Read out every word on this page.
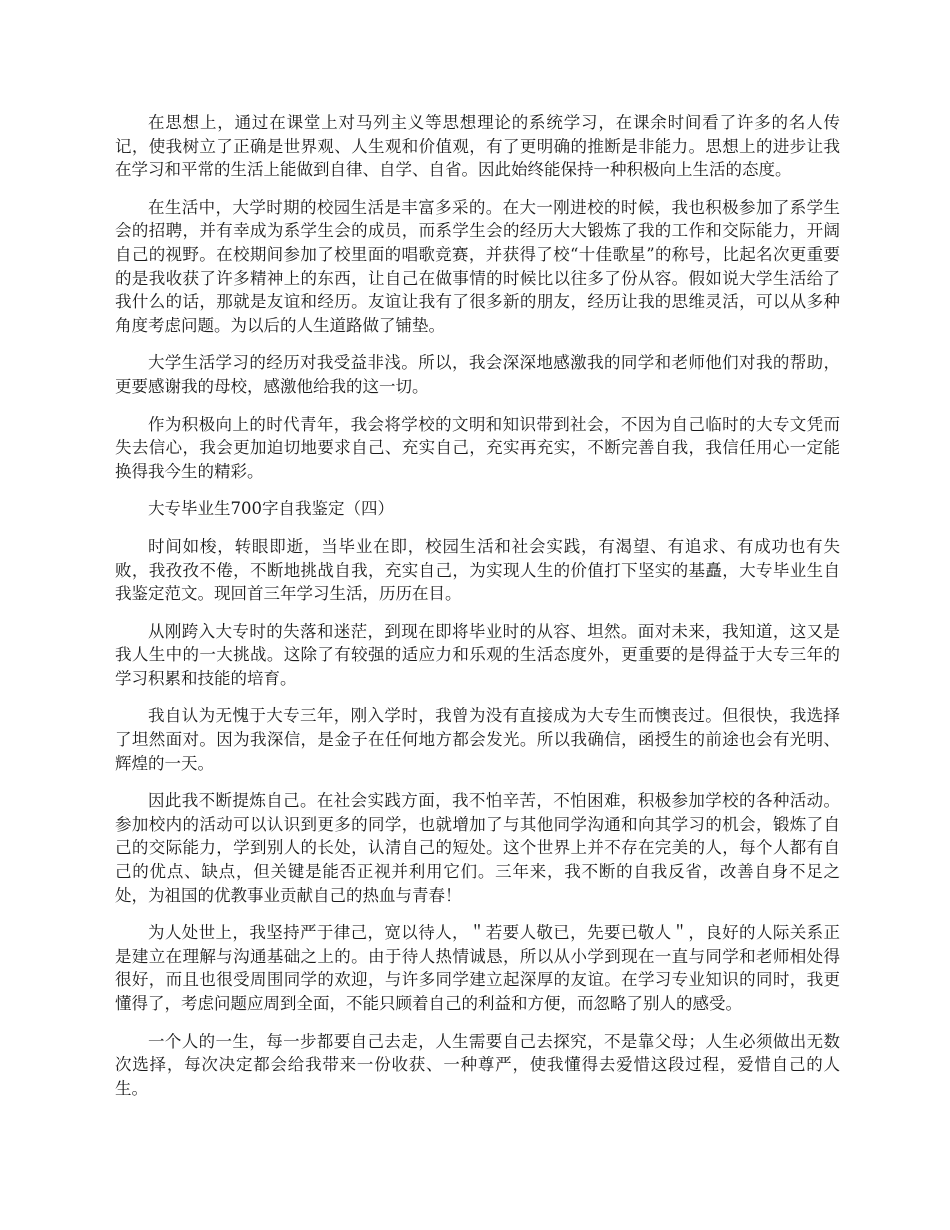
在思想上，通过在课堂上对马列主义等思想理论的系统学习，在课余时间看了许多的名人传记，使我树立了正确是世界观、人生观和价值观，有了更明确的推断是非能力。思想上的进步让我在学习和平常的生活上能做到自律、自学、自省。因此始终能保持一种积极向上生活的态度。

在生活中，大学时期的校园生活是丰富多采的。在大一刚进校的时候，我也积极参加了系学生会的招聘，并有幸成为系学生会的成员，而系学生会的经历大大锻炼了我的工作和交际能力，开阔自己的视野。在校期间参加了校里面的唱歌竞赛，并获得了校“十佳歌星”的称号，比起名次更重要的是我收获了许多精神上的东西，让自己在做事情的时候比以往多了份从容。假如说大学生活给了我什么的话，那就是友谊和经历。友谊让我有了很多新的朋友，经历让我的思维灵活，可以从多种角度考虑问题。为以后的人生道路做了铺垫。

大学生活学习的经历对我受益非浅。所以，我会深深地感激我的同学和老师他们对我的帮助，更要感谢我的母校，感激他给我的这一切。

作为积极向上的时代青年，我会将学校的文明和知识带到社会，不因为自己临时的大专文凭而失去信心，我会更加迫切地要求自己、充实自己，充实再充实，不断完善自我，我信任用心一定能换得我今生的精彩。

大专毕业生700字自我鉴定（四）

时间如梭，转眼即逝，当毕业在即，校园生活和社会实践，有渴望、有追求、有成功也有失败，我孜孜不倦，不断地挑战自我，充实自己，为实现人生的价值打下坚实的基矗，大专毕业生自我鉴定范文。现回首三年学习生活，历历在目。

从刚跨入大专时的失落和迷茫，到现在即将毕业时的从容、坦然。面对未来，我知道，这又是我人生中的一大挑战。这除了有较强的适应力和乐观的生活态度外，更重要的是得益于大专三年的学习积累和技能的培育。

我自认为无愧于大专三年，刚入学时，我曾为没有直接成为大专生而懊丧过。但很快，我选择了坦然面对。因为我深信，是金子在任何地方都会发光。所以我确信，函授生的前途也会有光明、辉煌的一天。

因此我不断提炼自己。在社会实践方面，我不怕辛苦，不怕困难，积极参加学校的各种活动。参加校内的活动可以认识到更多的同学，也就增加了与其他同学沟通和向其学习的机会，锻炼了自己的交际能力，学到别人的长处，认清自己的短处。这个世界上并不存在完美的人，每个人都有自己的优点、缺点，但关键是能否正视并利用它们。三年来，我不断的自我反省，改善自身不足之处，为祖国的优教事业贡献自己的热血与青春！

为人处世上，我坚持严于律己，宽以待人，＂若要人敬已，先要已敬人＂，良好的人际关系正是建立在理解与沟通基础之上的。由于待人热情诚恳，所以从小学到现在一直与同学和老师相处得很好，而且也很受周围同学的欢迎，与许多同学建立起深厚的友谊。在学习专业知识的同时，我更懂得了，考虑问题应周到全面，不能只顾着自己的利益和方便，而忽略了别人的感受。

一个人的一生，每一步都要自己去走，人生需要自己去探究，不是靠父母；人生必须做出无数次选择，每次决定都会给我带来一份收获、一种尊严，使我懂得去爱惜这段过程，爱惜自己的人生。
